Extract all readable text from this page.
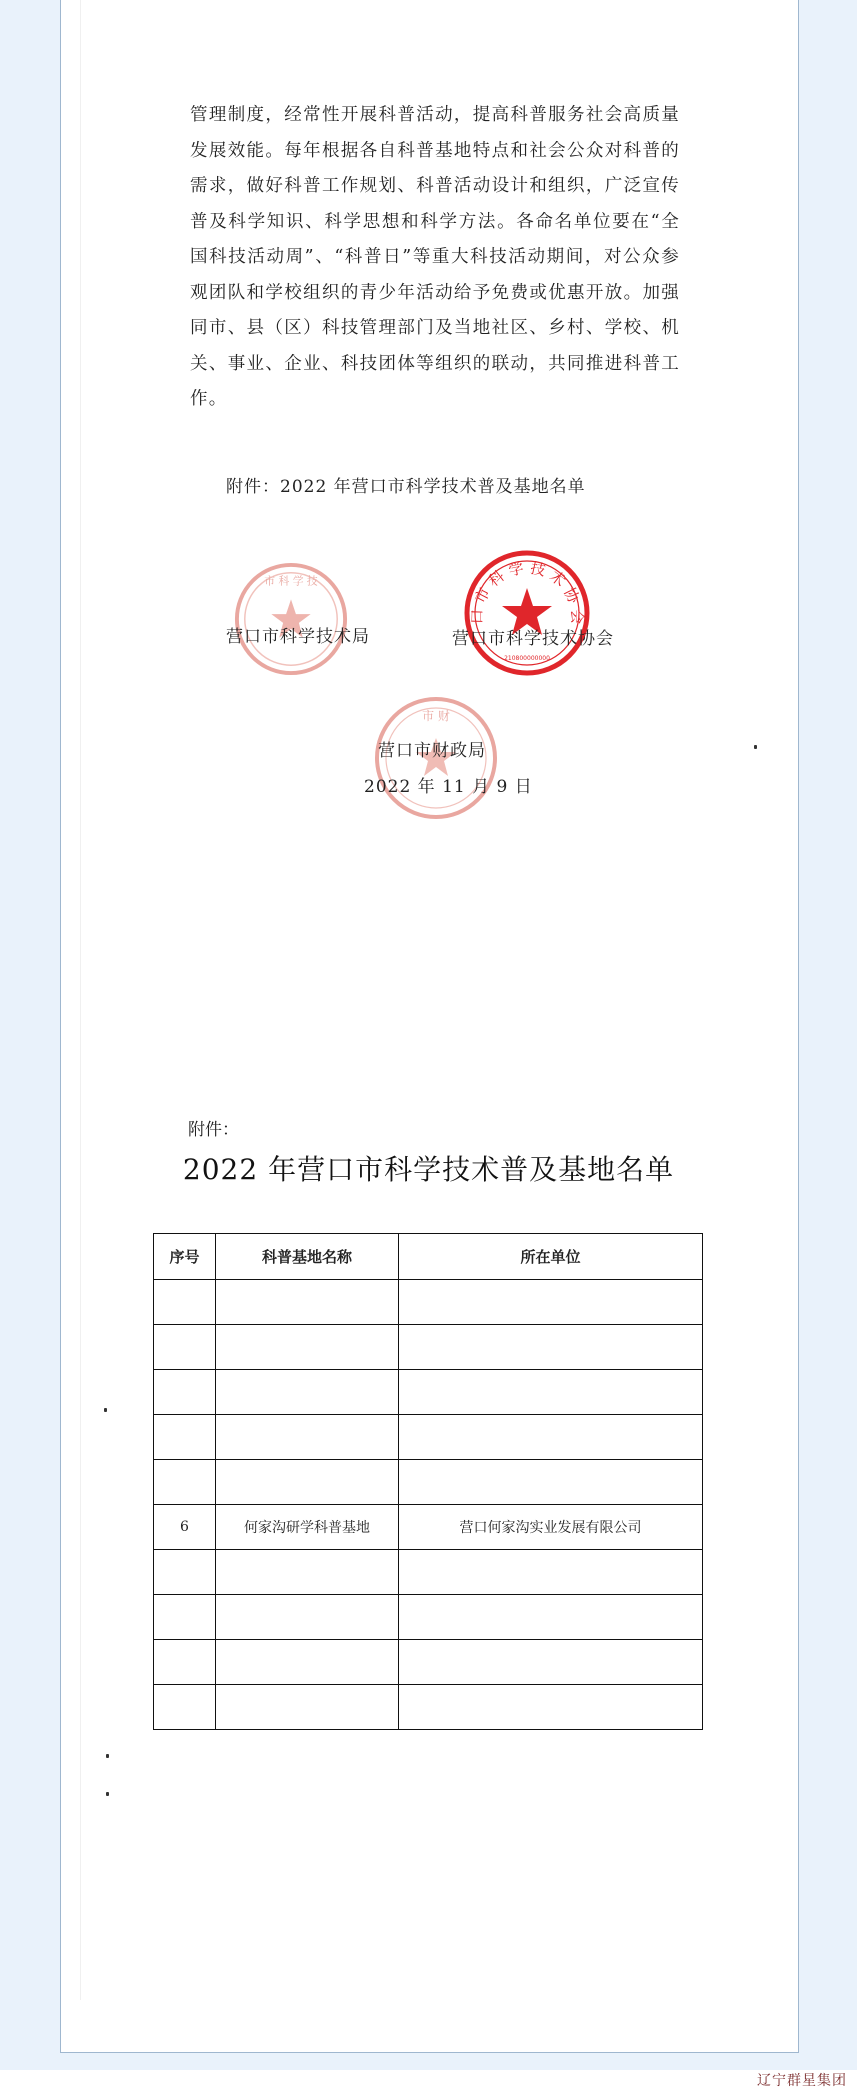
管理制度，经常性开展科普活动，提高科普服务社会高质量发展效能。每年根据各自科普基地特点和社会公众对科普的需求，做好科普工作规划、科普活动设计和组织，广泛宣传普及科学知识、科学思想和科学方法。各命名单位要在“全国科技活动周”、“科普日”等重大科技活动期间，对公众参观团队和学校组织的青少年活动给予免费或优惠开放。加强同市、县（区）科技管理部门及当地社区、乡村、学校、机关、事业、企业、科技团体等组织的联动，共同推进科普工作。
附件：2022 年营口市科学技术普及基地名单
市 科 学 技
营口市科学技术局
口 市 科 学 技 术 协 会
210800000000
营口市科学技术协会
市 财
营口市财政局
2022 年 11 月 9 日
附件：
2022 年营口市科学技术普及基地名单
序号	科普基地名称	所在单位

6	何家沟研学科普基地	营口何家沟实业发展有限公司

辽宁群星集团
